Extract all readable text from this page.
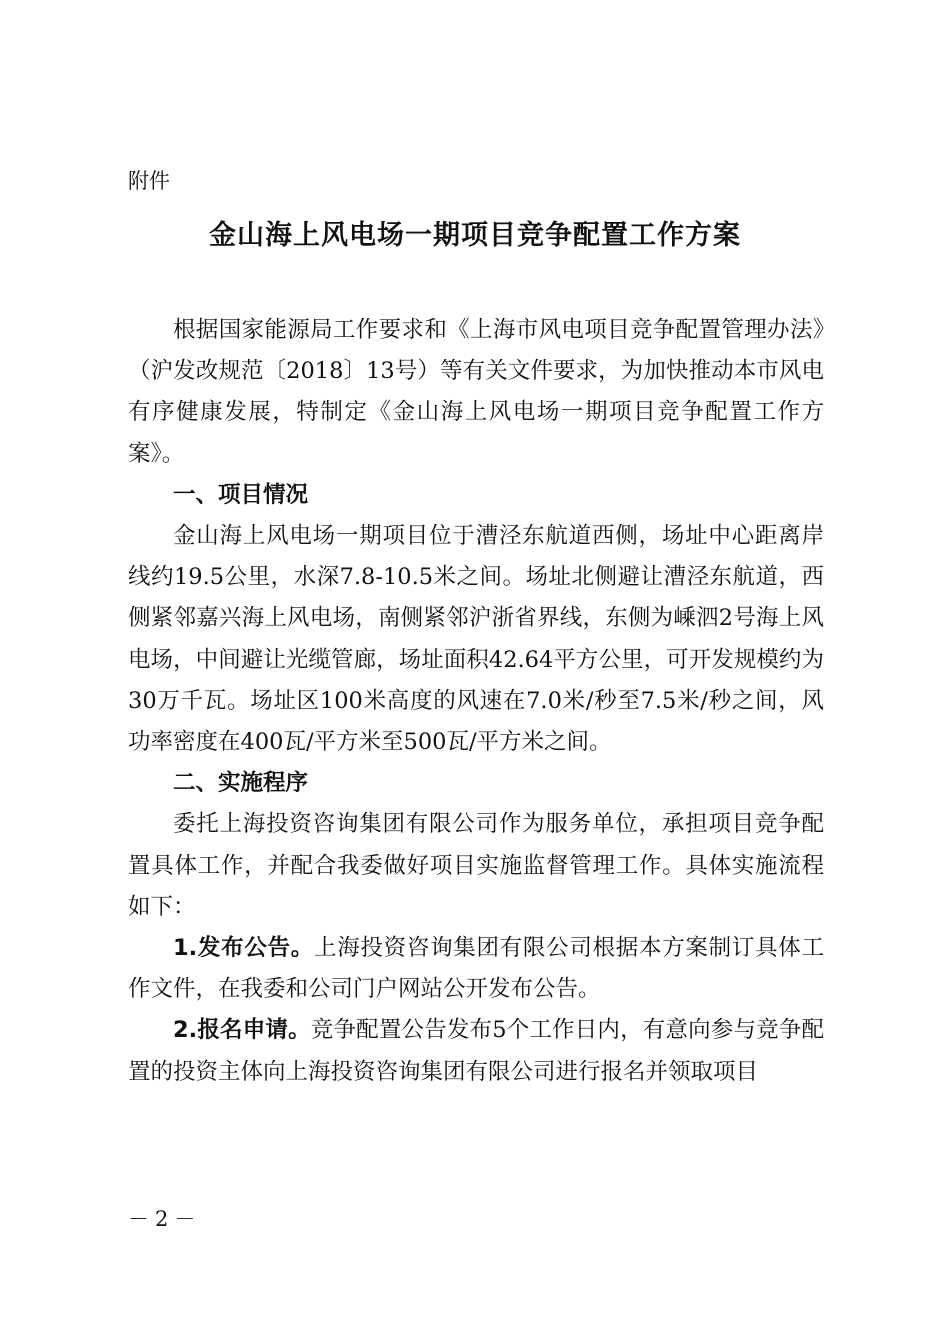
附件
金山海上风电场一期项目竞争配置工作方案

根据国家能源局工作要求和《上海市风电项目竞争配置管理办法》（沪发改规范〔2018〕13号）等有关文件要求，为加快推动本市风电有序健康发展，特制定《金山海上风电场一期项目竞争配置工作方案》。

一、项目情况

金山海上风电场一期项目位于漕泾东航道西侧，场址中心距离岸线约19.5公里，水深7.8-10.5米之间。场址北侧避让漕泾东航道，西侧紧邻嘉兴海上风电场，南侧紧邻沪浙省界线，东侧为嵊泗2号海上风电场，中间避让光缆管廊，场址面积42.64平方公里，可开发规模约为30万千瓦。场址区100米高度的风速在7.0米/秒至7.5米/秒之间，风功率密度在400瓦/平方米至500瓦/平方米之间。

二、实施程序

委托上海投资咨询集团有限公司作为服务单位，承担项目竞争配置具体工作，并配合我委做好项目实施监督管理工作。具体实施流程如下：

1.发布公告。上海投资咨询集团有限公司根据本方案制订具体工作文件，在我委和公司门户网站公开发布公告。

2.报名申请。竞争配置公告发布5个工作日内，有意向参与竞争配置的投资主体向上海投资咨询集团有限公司进行报名并领取项目

－2－
